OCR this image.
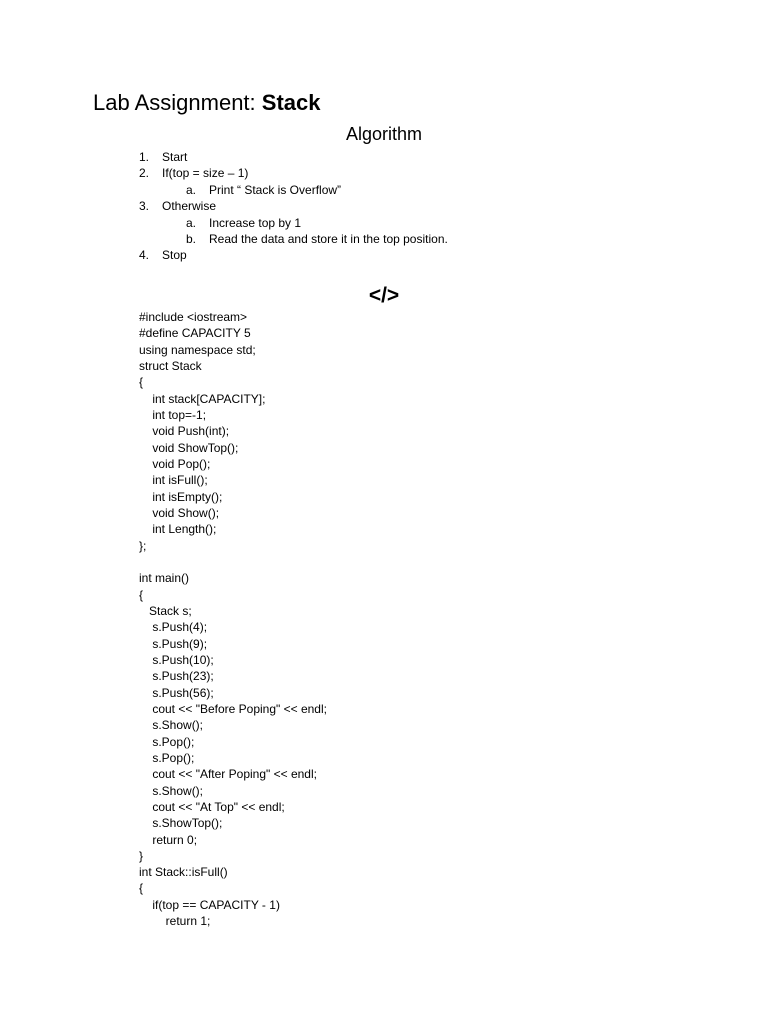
Lab Assignment: Stack
Algorithm
1. Start
2. If(top = size – 1)
a. Print “ Stack is Overflow”
3. Otherwise
a. Increase top by 1
b. Read the data and store it in the top position.
4. Stop
</>
#include <iostream>
#define CAPACITY 5
using namespace std;
struct Stack
{
int stack[CAPACITY];
int top=-1;
void Push(int);
void ShowTop();
void Pop();
int isFull();
int isEmpty();
void Show();
int Length();
};
int main()
{
Stack s;
s.Push(4);
s.Push(9);
s.Push(10);
s.Push(23);
s.Push(56);
cout << "Before Poping" << endl;
s.Show();
s.Pop();
s.Pop();
cout << "After Poping" << endl;
s.Show();
cout << "At Top" << endl;
s.ShowTop();
return 0;
}
int Stack::isFull()
{
if(top == CAPACITY - 1)
return 1;
